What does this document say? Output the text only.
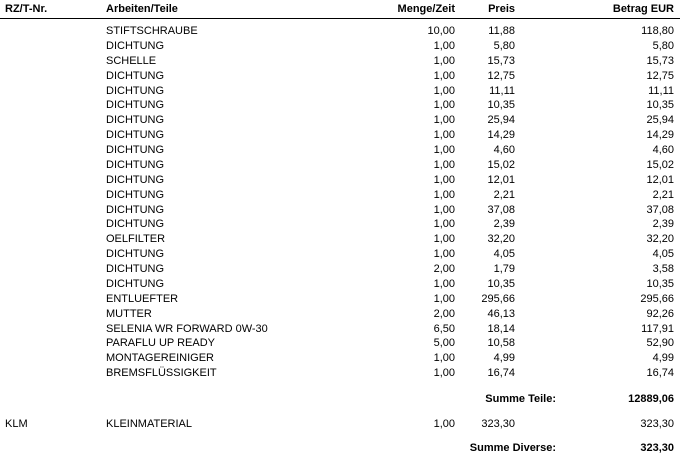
RZ/T-Nr.	Arbeiten/Teile	Menge/Zeit	Preis	Betrag EUR
STIFTSCHRAUBE	10,00	11,88	118,80
DICHTUNG	1,00	5,80	5,80
SCHELLE	1,00	15,73	15,73
DICHTUNG	1,00	12,75	12,75
DICHTUNG	1,00	11,11	11,11
DICHTUNG	1,00	10,35	10,35
DICHTUNG	1,00	25,94	25,94
DICHTUNG	1,00	14,29	14,29
DICHTUNG	1,00	4,60	4,60
DICHTUNG	1,00	15,02	15,02
DICHTUNG	1,00	12,01	12,01
DICHTUNG	1,00	2,21	2,21
DICHTUNG	1,00	37,08	37,08
DICHTUNG	1,00	2,39	2,39
OELFILTER	1,00	32,20	32,20
DICHTUNG	1,00	4,05	4,05
DICHTUNG	2,00	1,79	3,58
DICHTUNG	1,00	10,35	10,35
ENTLUEFTER	1,00 295,66	295,66
MUTTER	2,00	46,13	92,26
SELENIA WR FORWARD 0W-30	6,50	18,14	117,91
PARAFLU UP READY	5,00	10,58	52,90
MONTAGEREINIGER	1,00	4,99	4,99
BREMSFLÜSSIGKEIT	1,00	16,74	16,74
Summe Teile:	12889,06
KLM	KLEINMATERIAL	1,00 323,30	323,30
Summe Diverse:	323,30
